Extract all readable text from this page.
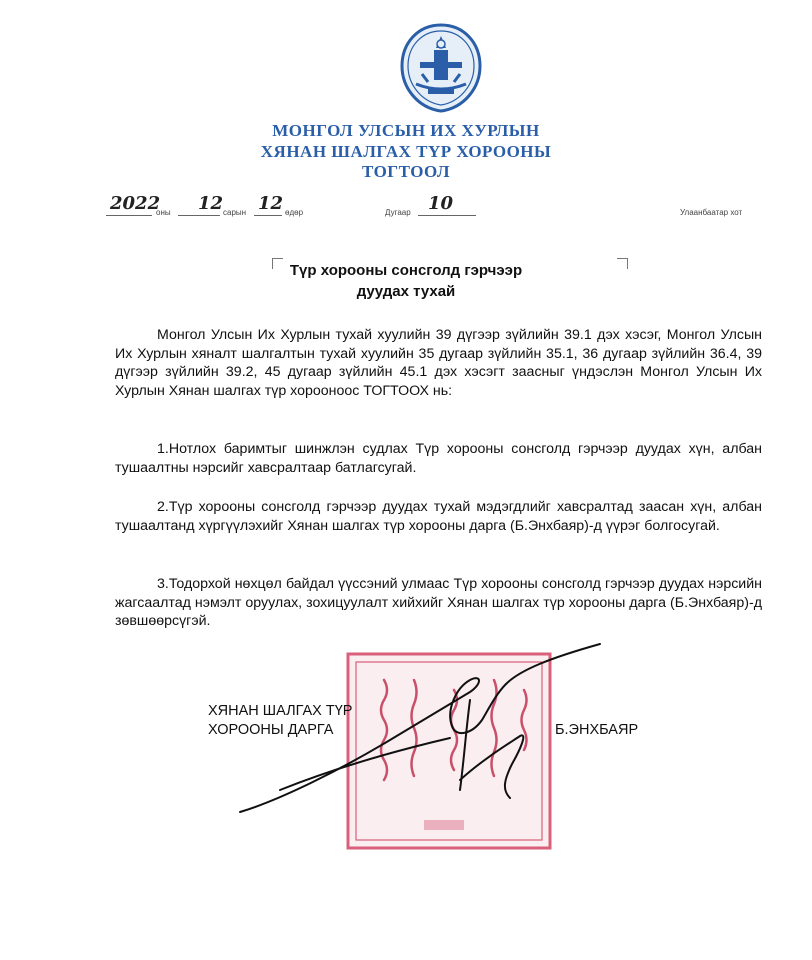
МОНГОЛ УЛСЫН ИХ ХУРЛЫН
ХЯНАН ШАЛГАХ ТҮР ХОРООНЫ
ТОГТООЛ
2022
оны 12 сарын 12 өдөр	Дугаар 10	Улаанбаатар хот
Түр хорооны сонсголд гэрчээр
дуудах тухай
Монгол Улсын Их Хурлын тухай хуулийн 39 дүгээр зүйлийн 39.1 дэх хэсэг, Монгол Улсын Их Хурлын хяналт шалгалтын тухай хуулийн 35 дугаар зүйлийн 35.1, 36 дугаар зүйлийн 36.4, 39 дүгээр зүйлийн 39.2, 45 дугаар зүйлийн 45.1 дэх хэсэгт заасныг үндэслэн Монгол Улсын Их Хурлын Хянан шалгах түр хорооноос ТОГТООХ нь:
1.Нотлох баримтыг шинжлэн судлах Түр хорооны сонсголд гэрчээр дуудах хүн, албан тушаалтны нэрсийг хавсралтаар батлагсугай.
2.Түр хорооны сонсголд гэрчээр дуудах тухай мэдэгдлийг хавсралтад заасан хүн, албан тушаалтанд хүргүүлэхийг Хянан шалгах түр хорооны дарга (Б.Энхбаяр)-д үүрэг болгосугай.
3.Тодорхой нөхцөл байдал үүссэний улмаас Түр хорооны сонсголд гэрчээр дуудах нэрсийн жагсаалтад нэмэлт оруулах, зохицуулалт хийхийг Хянан шалгах түр хорооны дарга (Б.Энхбаяр)-д зөвшөөрсүгэй.
ХЯНАН ШАЛГАХ ТҮР
ХОРООНЫ ДАРГА	Б.ЭНХБАЯР
